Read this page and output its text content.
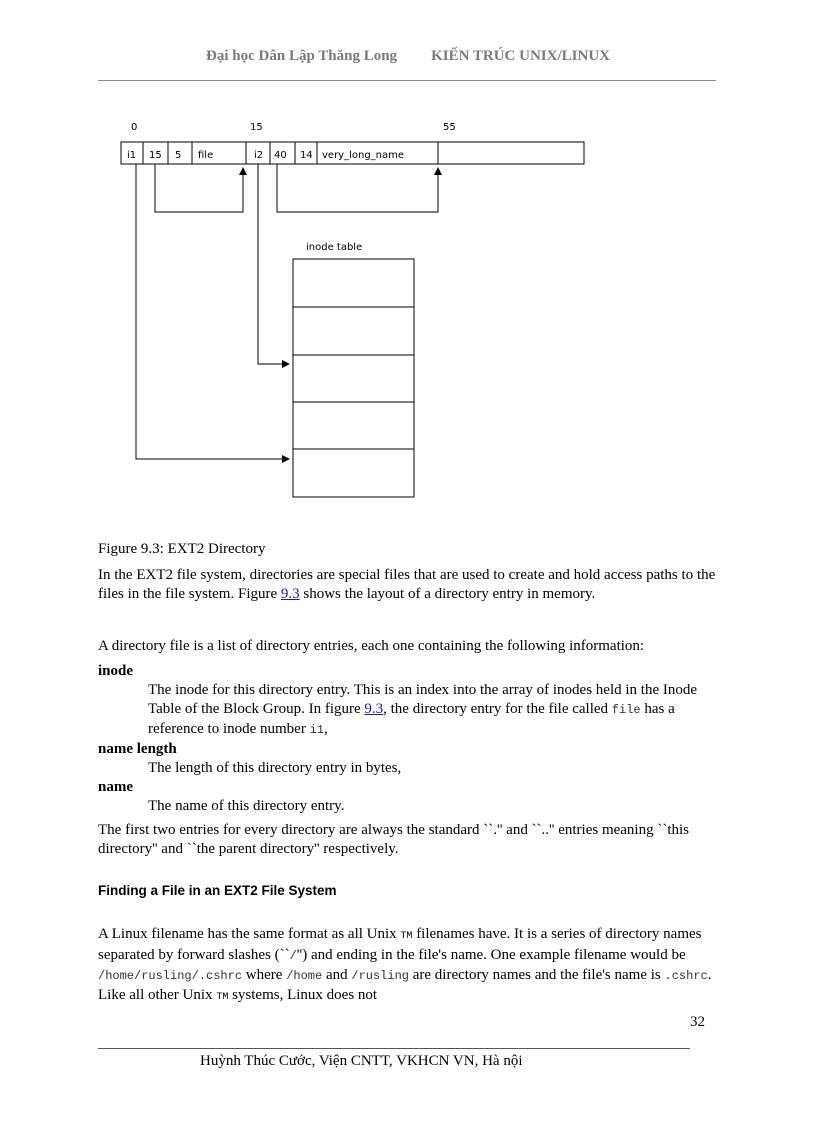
Đại học Dân Lập Thăng Long KIẾN TRÚC UNIX/LINUX
0	15	55
i1 15 5 file	i2 40 14 very_long_name
inode table
Figure 9.3: EXT2 Directory

In the EXT2 file system, directories are special files that are used to create and hold access paths to the files in the file system. Figure 9.3 shows the layout of a directory entry in memory.

A directory file is a list of directory entries, each one containing the following information:
inode
The inode for this directory entry. This is an index into the array of inodes held in the Inode Table of the Block Group. In figure 9.3, the directory entry for the file called file has a reference to inode number i1,
name length
The length of this directory entry in bytes,
name
The name of this directory entry.
The first two entries for every directory are always the standard ``.'' and ``..'' entries meaning ``this directory'' and ``the parent directory'' respectively.
Finding a File in an EXT2 File System
A Linux filename has the same format as all Unix TM filenames have. It is a series of directory names separated by forward slashes (``/'') and ending in the file's name. One example filename would be /home/rusling/.cshrc where /home and /rusling are directory names and the file's name is .cshrc. Like all other Unix TM systems, Linux does not
32
Huỳnh Thúc Cước, Viện CNTT, VKHCN VN, Hà nội
